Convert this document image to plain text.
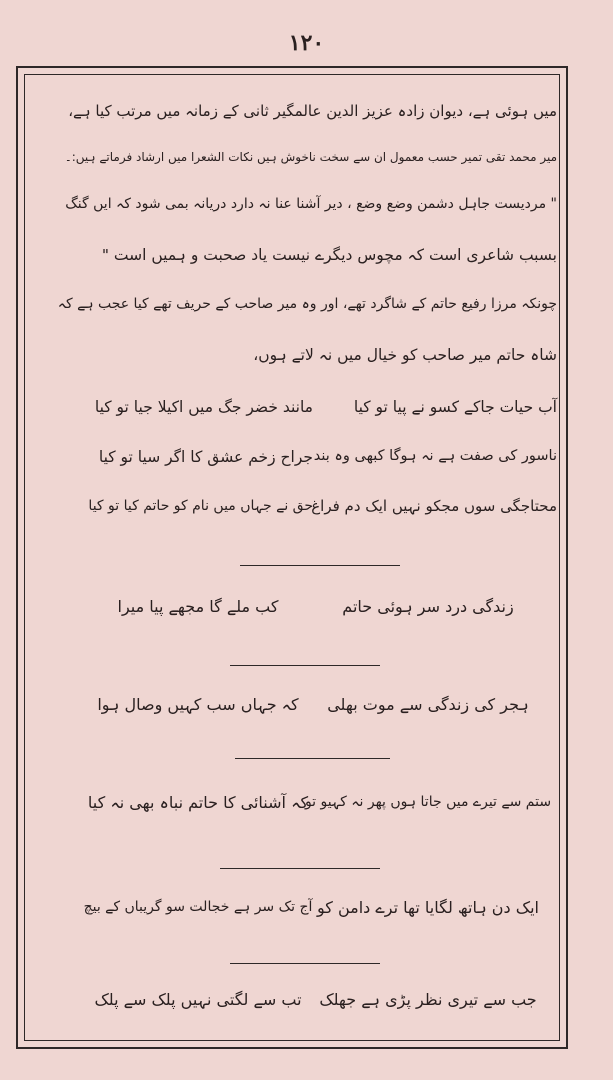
١٢٠
میں ہوئی ہے، دیوان زادہ عزیز الدین عالمگیر ثانی کے زمانہ میں مرتب کیا ہے،
میر محمد تقی تمیر حسب معمول ان سے سخت ناخوش ہیں نکات الشعرا میں ارشاد فرماتے ہیں:۔
" مردیست جاہل دشمن وضع وضع ، دیر آشنا عنا نہ دارد دریانہ بمی شود کہ ایں گنگ
بسبب شاعری است کہ مچوس دیگرے نیست یاد صحبت و ہمیں است "
چونکہ مرزا رفیع حاتم کے شاگرد تھے، اور وہ میر صاحب کے حریف تھے کیا عجب ہے کہ
شاہ حاتم میر صاحب کو خیال میں نہ لاتے ہوں،
آب حیات جاکے کسو نے پیا تو کیا
مانند خضر جگ میں اکیلا جیا تو کیا
ناسور کی صفت ہے نہ ہوگا کبھی وہ بند
جراح زخم عشق کا اگر سیا تو کیا
محتاجگی سوں مجکو نہیں ایک دم فراغ
حق نے جہاں میں نام کو حاتم کیا تو کیا
زندگی درد سر ہوئی حاتم
کب ملے گا مجھے پیا میرا
ہجر کی زندگی سے موت بھلی
کہ جہاں سب کہیں وصال ہوا
ستم سے تیرے میں جاتا ہوں پھر نہ کہیو تو
کہ آشنائی کا حاتم نباہ بھی نہ کیا
ایک دن ہاتھ لگایا تھا ترے دامن کو
آج تک سر ہے خجالت سو گریباں کے بیچ
جب سے تیری نظر پڑی ہے جھلک
تب سے لگتی نہیں پلک سے پلک
